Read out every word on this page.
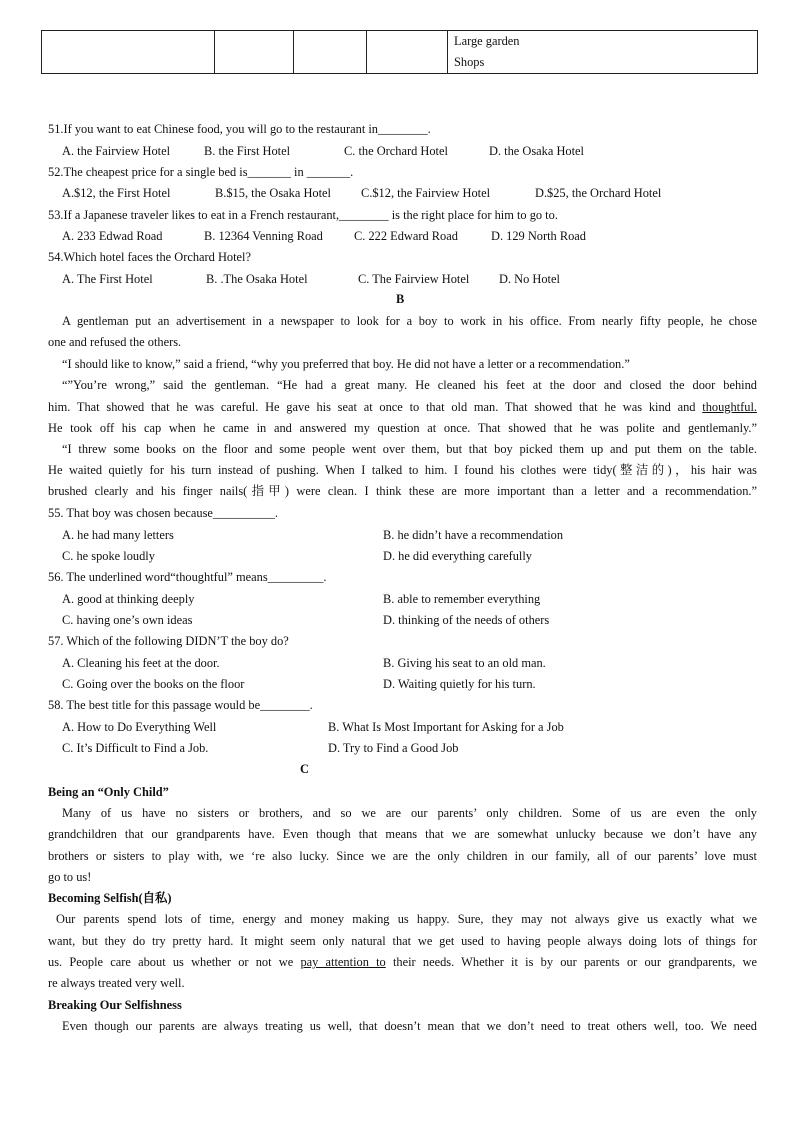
Large garden
Shops
51.If you want to eat Chinese food, you will go to the restaurant in________.
A. the Fairview Hotel	B. the First Hotel	C. the Orchard Hotel	D. the Osaka Hotel
52.The cheapest price for a single bed is_______ in _______.
A.$12, the First Hotel	B.$15, the Osaka Hotel C.$12, the Fairview Hotel	D.$25, the Orchard Hotel
53.If a Japanese traveler likes to eat in a French restaurant,________ is the right place for him to go to.
A. 233 Edwad Road	B. 12364 Venning Road	C. 222 Edward Road	D. 129 North Road
54.Which hotel faces the Orchard Hotel?
A. The First Hotel	B. .The Osaka Hotel	C. The Fairview Hotel D. No Hotel
B
A gentleman put an advertisement in a newspaper to look for a boy to work in his office. From nearly fifty people, he chose
one and refused the others.
“I should like to know,” said a friend, “why you preferred that boy. He did not have a letter or a recommendation.”
“”You’re wrong,” said the gentleman. “He had a great many. He cleaned his feet at the door and closed the door behind
him. That showed that he was careful. He gave his seat at once to that old man. That showed that he was kind and thoughtful.
He took off his cap when he came in and answered my question at once. That showed that he was polite and gentlemanly.”
“I threw some books on the floor and some people went over them, but that boy picked them up and put them on the table.
He waited quietly for his turn instead of pushing. When I talked to him. I found his clothes were tidy(整洁的)，his hair was
brushed clearly and his finger nails(指甲) were clean. I think these are more important than a letter and a recommendation.”
55. That boy was chosen because__________.
A. he had many letters	B. he didn’t have a recommendation
C. he spoke loudly	D. he did everything carefully
56. The underlined word“thoughtful” means_________.
A. good at thinking deeply	B. able to remember everything
C. having one’s own ideas	D. thinking of the needs of others
57. Which of the following DIDN’T the boy do?
A. Cleaning his feet at the door.	B. Giving his seat to an old man.
C. Going over the books on the floor	D. Waiting quietly for his turn.
58. The best title for this passage would be________.
A. How to Do Everything Well	B. What Is Most Important for Asking for a Job
C. It’s Difficult to Find a Job.	D. Try to Find a Good Job
C
Being an “Only Child”
Many of us have no sisters or brothers, and so we are our parents’ only children. Some of us are even the only
grandchildren that our grandparents have. Even though that means that we are somewhat unlucky because we don’t have any
brothers or sisters to play with, we ‘re also lucky. Since we are the only children in our family, all of our parents’ love must
go to us!
Becoming Selfish(自私)
Our parents spend lots of time, energy and money making us happy. Sure, they may not always give us exactly what we
want, but they do try pretty hard. It might seem only natural that we get used to having people always doing lots of things for
us. People care about us whether or not we pay attention to their needs. Whether it is by our parents or our grandparents, we
re always treated very well.
Breaking Our Selfishness
Even though our parents are always treating us well, that doesn’t mean that we don’t need to treat others well, too. We need
